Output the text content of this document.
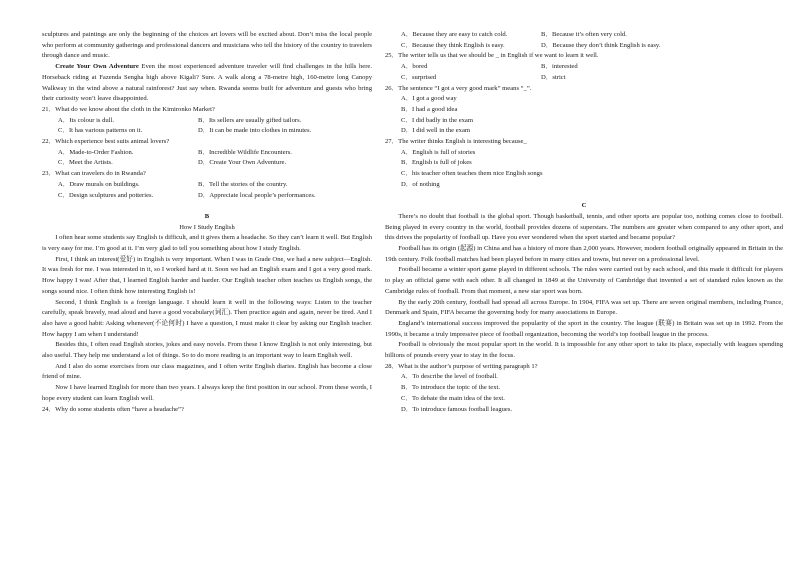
sculptures and paintings are only the beginning of the choices art lovers will be excited about. Don’t miss the local people who perform at community gatherings and professional dancers and musicians who tell the history of the country to travelers through dance and music.

Create Your Own Adventure Even the most experienced adventure traveler will find challenges in the hills here. Horseback riding at Fazenda Sengha high above Kigali? Sure. A walk along a 78-metre high, 160-metre long Canopy Walkway in the wind above a natural rainforest? Just say when. Rwanda seems built for adventure and guests who bring their curiosity won’t leave disappointed.

21．What do we know about the cloth in the Kimironko Market?

A．Its colour is dull.	B．Its sellers are usually gifted tailors.
C．It has various patterns on it.	D．It can be made into clothes in minutes.

22．Which experience best suits animal lovers?

A．Made-to-Order Fashion.	B．Incredible Wildlife Encounters.
C．Meet the Artists.	D．Create Your Own Adventure.

23．What can travelers do in Rwanda?

A．Draw murals on buildings.	B．Tell the stories of the country.
C．Design sculptures and potteries.	D．Appreciate local people’s performances.

B

How I Study English

I often hear some students say English is difficult, and it gives them a headache. So they can’t learn it well. But English is very easy for me. I’m good at it. I’m very glad to tell you something about how I study English.

First, I think an interest(爱好) in English is very important. When I was in Grade One, we had a new subject—English. It was fresh for me. I was interested in it, so I worked hard at it. Soon we had an English exam and I got a very good mark. How happy I was! After that, I learned English harder and harder. Our English teacher often teaches us English songs, the songs sound nice. I often think how interesting English is!

Second, I think English is a foreign language. I should learn it well in the following ways: Listen to the teacher carefully, speak bravely, read aloud and have a good vocabulary(词汇). Then practice again and again, never be tired. And I also have a good habit: Asking whenever(不论何时) I have a question, I must make it clear by asking our English teacher. How happy I am when I understand!

Besides this, I often read English stories, jokes and easy novels. From these I know English is not only interesting, but also useful. They help me understand a lot of things. So to do more reading is an important way to learn English well.

And I also do some exercises from our class magazines, and I often write English diaries. English has become a close friend of mine.

Now I have learned English for more than two years. I always keep the first position in our school. From these words, I hope every student can learn English well.

24．Why do some students often “have a headache”?

A．Because they are easy to catch cold.	B．Because it’s often very cold.
C．Because they think English is easy.	D．Because they don’t think English is easy.

25．The writer tells us that we should be _ in English if we want to learn it well.

A．bored	B．interested
C．surprised	D．strict

26．The sentence “I got a very good mark” means “_”.

A．I got a good way

B．I had a good idea

C．I did badly in the exam

D．I did well in the exam

27．The writer thinks English is interesting because_

A．English is full of stories

B．English is full of jokes

C．his teacher often teaches them nice English songs

D．of nothing

C

There’s no doubt that football is the global sport. Though basketball, tennis, and other sports are popular too, nothing comes close to football. Being played in every country in the world, football provides dozens of superstars. The numbers are greater when compared to any other sport, and this drives the popularity of football up. Have you ever wondered when the sport started and became popular?

Football has its origin (起源) in China and has a history of more than 2,000 years. However, modern football originally appeared in Britain in the 19th century. Folk football matches had been played before in many cities and towns, but never on a professional level.

Football became a winter sport game played in different schools. The rules were carried out by each school, and this made it difficult for players to play an official game with each other. It all changed in 1849 at the University of Cambridge that invented a set of standard rules known as the Cambridge rules of football. From that moment, a new star sport was born.

By the early 20th century, football had spread all across Europe. In 1904, FIFA was set up. There are seven original members, including France, Denmark and Spain, FIFA became the governing body for many associations in Europe.

England’s international success improved the popularity of the sport in the country. The league (联赛) in Britain was set up in 1992. From the 1990s, it became a truly impressive piece of football organization, becoming the world’s top football league in the process.

Football is obviously the most popular sport in the world. It is impossible for any other sport to take its place, especially with leagues spending billions of pounds every year to stay in the focus.

28．What is the author’s purpose of writing paragraph 1?

A．To describe the level of football.

B．To introduce the topic of the text.

C．To debate the main idea of the text.

D．To introduce famous football leagues.
